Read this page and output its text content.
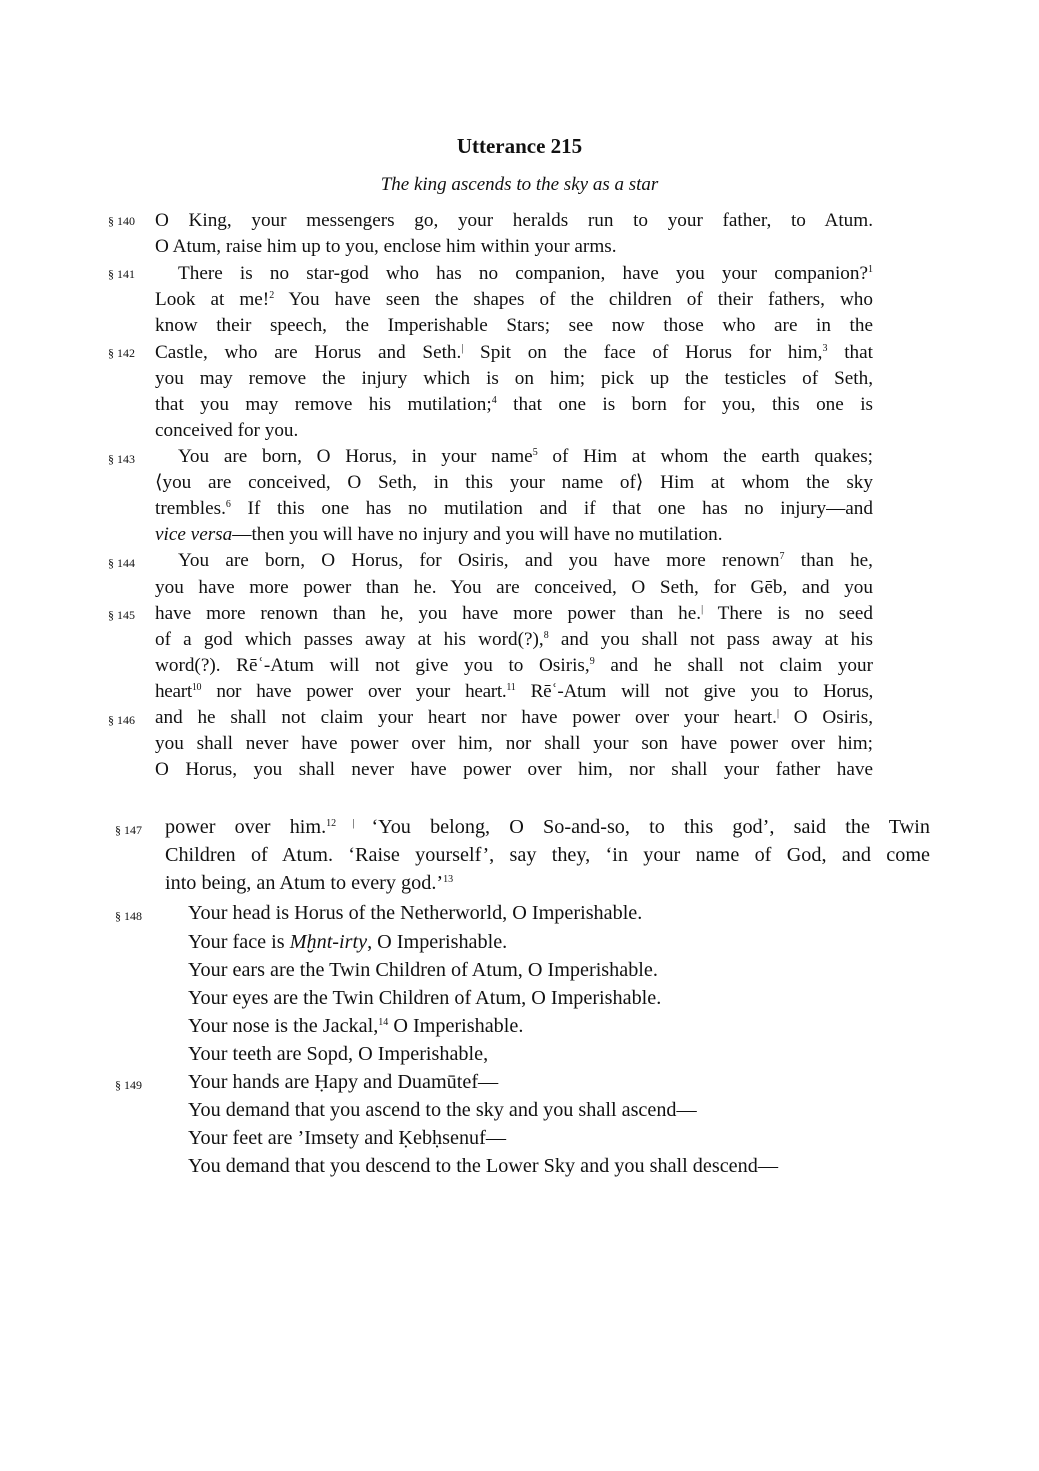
Utterance 215
The king ascends to the sky as a star
§ 140 O King, your messengers go, your heralds run to your father, to Atum.
O Atum, raise him up to you, enclose him within your arms.
§ 141 There is no star-god who has no companion, have you your companion?$^1$
Look at me!$^2$ You have seen the shapes of the children of their fathers, who
know their speech, the Imperishable Stars; see now those who are in the
§ 142 Castle, who are Horus and Seth.| Spit on the face of Horus for him,$^3$ that
you may remove the injury which is on him; pick up the testicles of Seth,
that you may remove his mutilation;$^4$ that one is born for you, this one is
conceived for you.
§ 143 You are born, O Horus, in your name$^5$ of Him at whom the earth quakes;
⟨you are conceived, O Seth, in this your name of⟩ Him at whom the sky
trembles.$^6$ If this one has no mutilation and if that one has no injury—and
vice versa—then you will have no injury and you will have no mutilation.
§ 144 You are born, O Horus, for Osiris, and you have more renown$^7$ than he,
you have more power than he. You are conceived, O Seth, for Gēb, and you
§ 145 have more renown than he, you have more power than he.| There is no seed
of a god which passes away at his word(?),$^8$ and you shall not pass away at his
word(?). Rēʿ-Atum will not give you to Osiris,$^9$ and he shall not claim your
heart$^{10}$ nor have power over your heart.$^{11}$ Rēʿ-Atum will not give you to Horus,
§ 146 and he shall not claim your heart nor have power over your heart.| O Osiris,
you shall never have power over him, nor shall your son have power over him;
O Horus, you shall never have power over him, nor shall your father have
§ 147 power over him.$^{12}$ | ‘You belong, O So-and-so, to this god’, said the Twin
Children of Atum. ‘Raise yourself’, say they, ‘in your name of God, and come
into being, an Atum to every god.’$^{13}$
§ 148 Your head is Horus of the Netherworld, O Imperishable.
Your face is Mḫnt-irty, O Imperishable.
Your ears are the Twin Children of Atum, O Imperishable.
Your eyes are the Twin Children of Atum, O Imperishable.
Your nose is the Jackal,$^{14}$ O Imperishable.
Your teeth are Sopd, O Imperishable,
§ 149 Your hands are Ḥapy and Duamūtef—
You demand that you ascend to the sky and you shall ascend—
Your feet are ’Imsety and Ḳebḥsenuf—
You demand that you descend to the Lower Sky and you shall descend—
